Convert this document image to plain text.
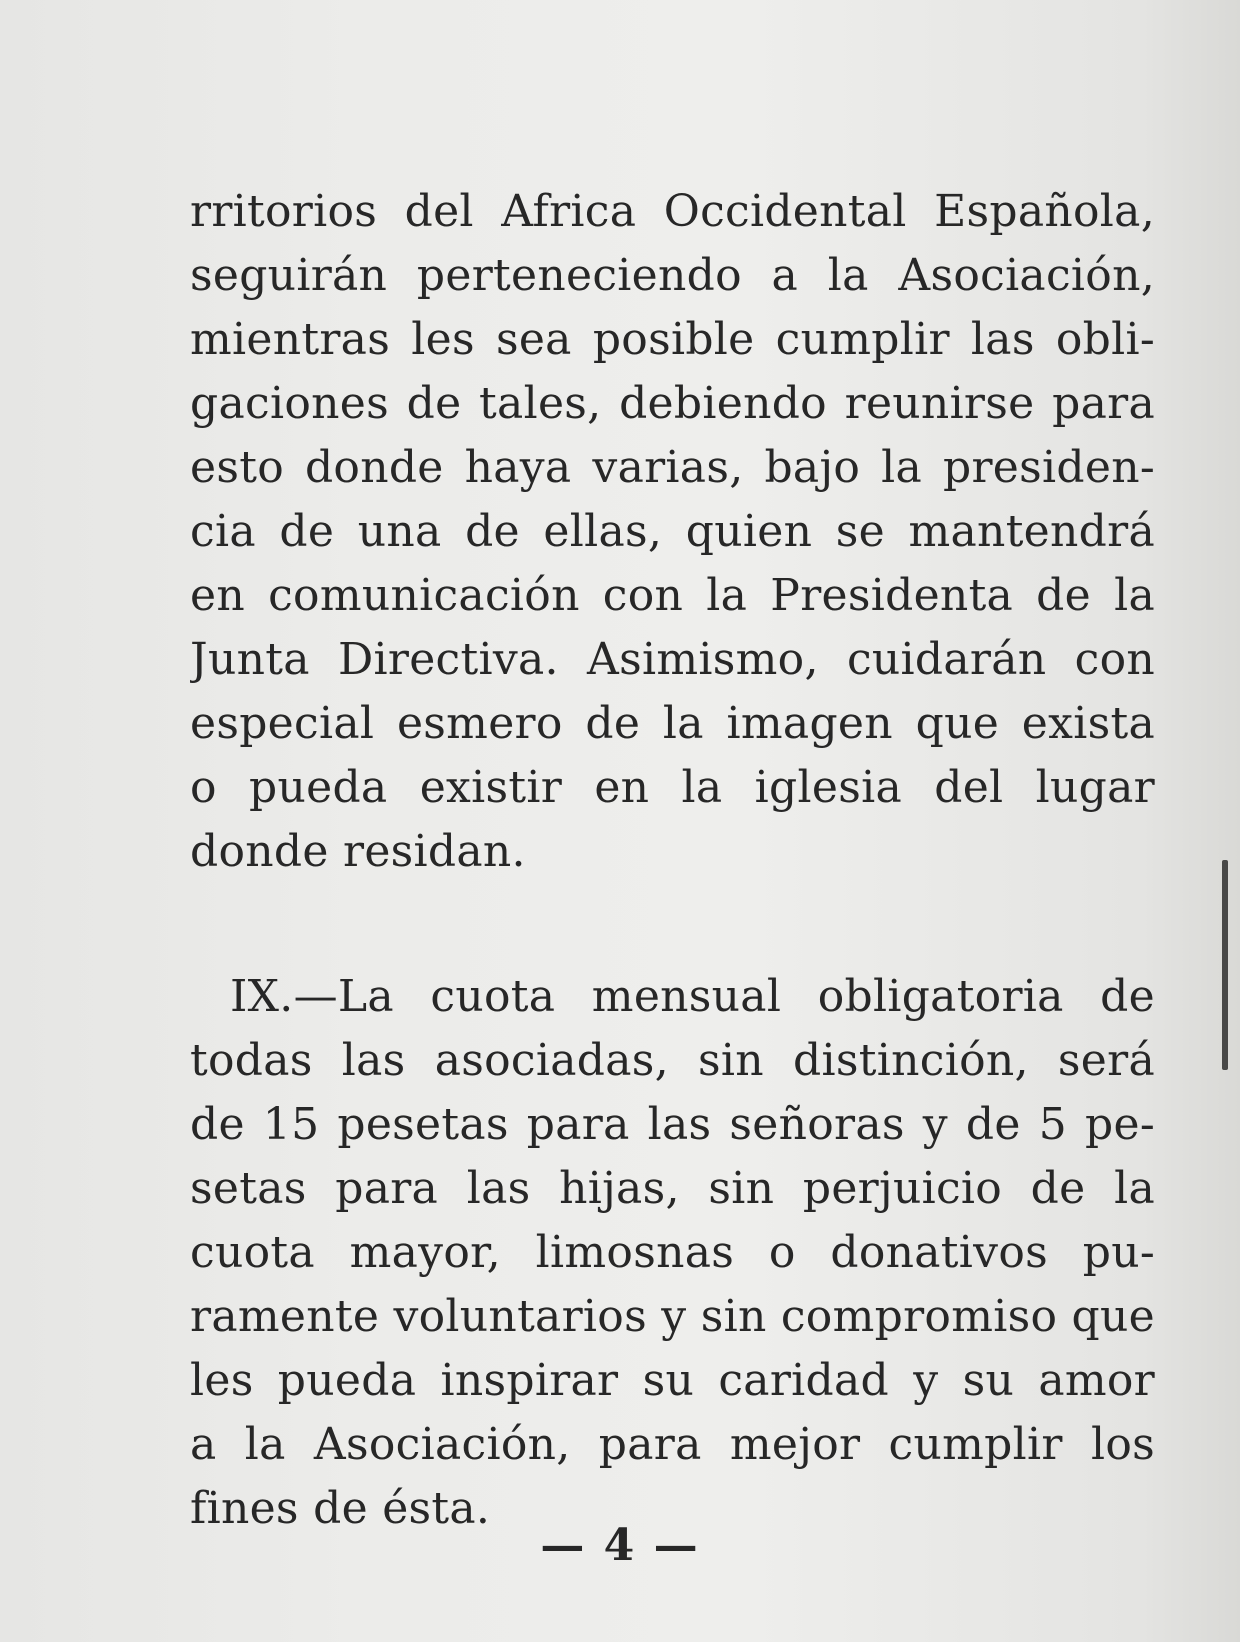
rritorios del Africa Occidental Española,
seguirán perteneciendo a la Asociación,
mientras les sea posible cumplir las obli-
gaciones de tales, debiendo reunirse para
esto donde haya varias, bajo la presiden-
cia de una de ellas, quien se mantendrá
en comunicación con la Presidenta de la
Junta Directiva. Asimismo, cuidarán con
especial esmero de la imagen que exista
o pueda existir en la iglesia del lugar
donde residan.
IX.—La cuota mensual obligatoria de
todas las asociadas, sin distinción, será
de 15 pesetas para las señoras y de 5 pe-
setas para las hijas, sin perjuicio de la
cuota mayor, limosnas o donativos pu-
ramente voluntarios y sin compromiso que
les pueda inspirar su caridad y su amor
a la Asociación, para mejor cumplir los
fines de ésta.
— 4 —
